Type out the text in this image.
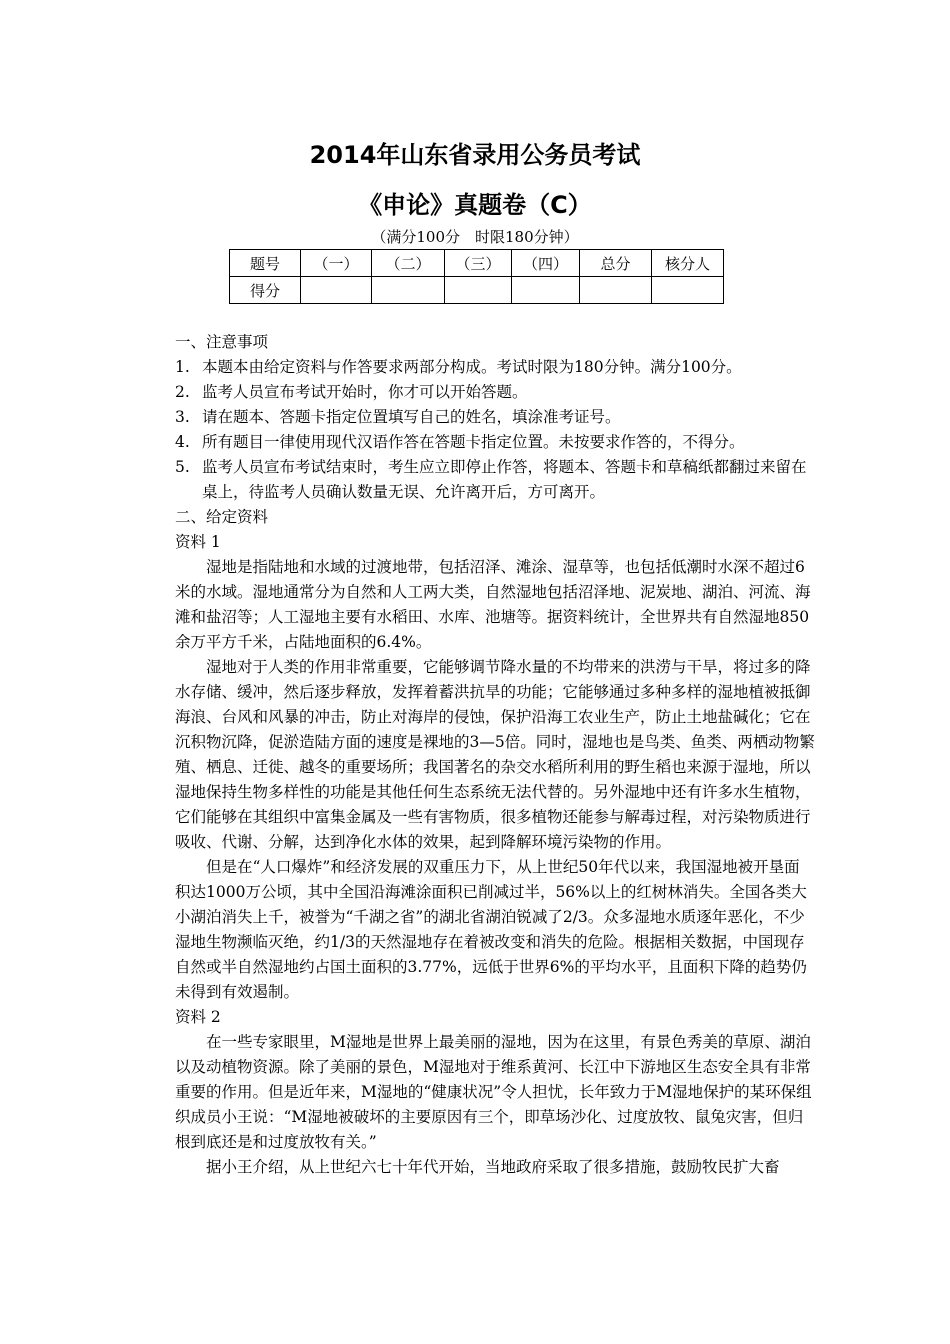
2014年山东省录用公务员考试
《申论》真题卷（C）
（满分100分　时限180分钟）
题号	（一）	（二）	（三）	（四）	总分	核分人
得分						

一、注意事项

1. 本题本由给定资料与作答要求两部分构成。考试时限为180分钟。满分100分。
2. 监考人员宣布考试开始时，你才可以开始答题。
3. 请在题本、答题卡指定位置填写自己的姓名，填涂准考证号。
4. 所有题目一律使用现代汉语作答在答题卡指定位置。未按要求作答的，不得分。
5. 监考人员宣布考试结束时，考生应立即停止作答，将题本、答题卡和草稿纸都翻过来留在桌上，待监考人员确认数量无误、允许离开后，方可离开。

二、给定资料

资料 1

湿地是指陆地和水域的过渡地带，包括沼泽、滩涂、湿草等，也包括低潮时水深不超过6米的水域。湿地通常分为自然和人工两大类，自然湿地包括沼泽地、泥炭地、湖泊、河流、海滩和盐沼等；人工湿地主要有水稻田、水库、池塘等。据资料统计，全世界共有自然湿地850余万平方千米，占陆地面积的6.4%。

湿地对于人类的作用非常重要，它能够调节降水量的不均带来的洪涝与干旱，将过多的降水存储、缓冲，然后逐步释放，发挥着蓄洪抗旱的功能；它能够通过多种多样的湿地植被抵御海浪、台风和风暴的冲击，防止对海岸的侵蚀，保护沿海工农业生产，防止土地盐碱化；它在沉积物沉降，促淤造陆方面的速度是裸地的3—5倍。同时，湿地也是鸟类、鱼类、两栖动物繁殖、栖息、迁徙、越冬的重要场所；我国著名的杂交水稻所利用的野生稻也来源于湿地，所以湿地保持生物多样性的功能是其他任何生态系统无法代替的。另外湿地中还有许多水生植物，它们能够在其组织中富集金属及一些有害物质，很多植物还能参与解毒过程，对污染物质进行吸收、代谢、分解，达到净化水体的效果，起到降解环境污染物的作用。

但是在“人口爆炸”和经济发展的双重压力下，从上世纪50年代以来，我国湿地被开垦面积达1000万公顷，其中全国沿海滩涂面积已削减过半，56%以上的红树林消失。全国各类大小湖泊消失上千，被誉为“千湖之省”的湖北省湖泊锐减了2/3。众多湿地水质逐年恶化，不少湿地生物濒临灭绝，约1/3的天然湿地存在着被改变和消失的危险。根据相关数据，中国现存自然或半自然湿地约占国土面积的3.77%，远低于世界6%的平均水平，且面积下降的趋势仍未得到有效遏制。

资料 2

在一些专家眼里，M湿地是世界上最美丽的湿地，因为在这里，有景色秀美的草原、湖泊以及动植物资源。除了美丽的景色，M湿地对于维系黄河、长江中下游地区生态安全具有非常重要的作用。但是近年来，M湿地的“健康状况”令人担忧，长年致力于M湿地保护的某环保组织成员小王说：“M湿地被破坏的主要原因有三个，即草场沙化、过度放牧、鼠兔灾害，但归根到底还是和过度放牧有关。”

据小王介绍，从上世纪六七十年代开始，当地政府采取了很多措施，鼓励牧民扩大畜
